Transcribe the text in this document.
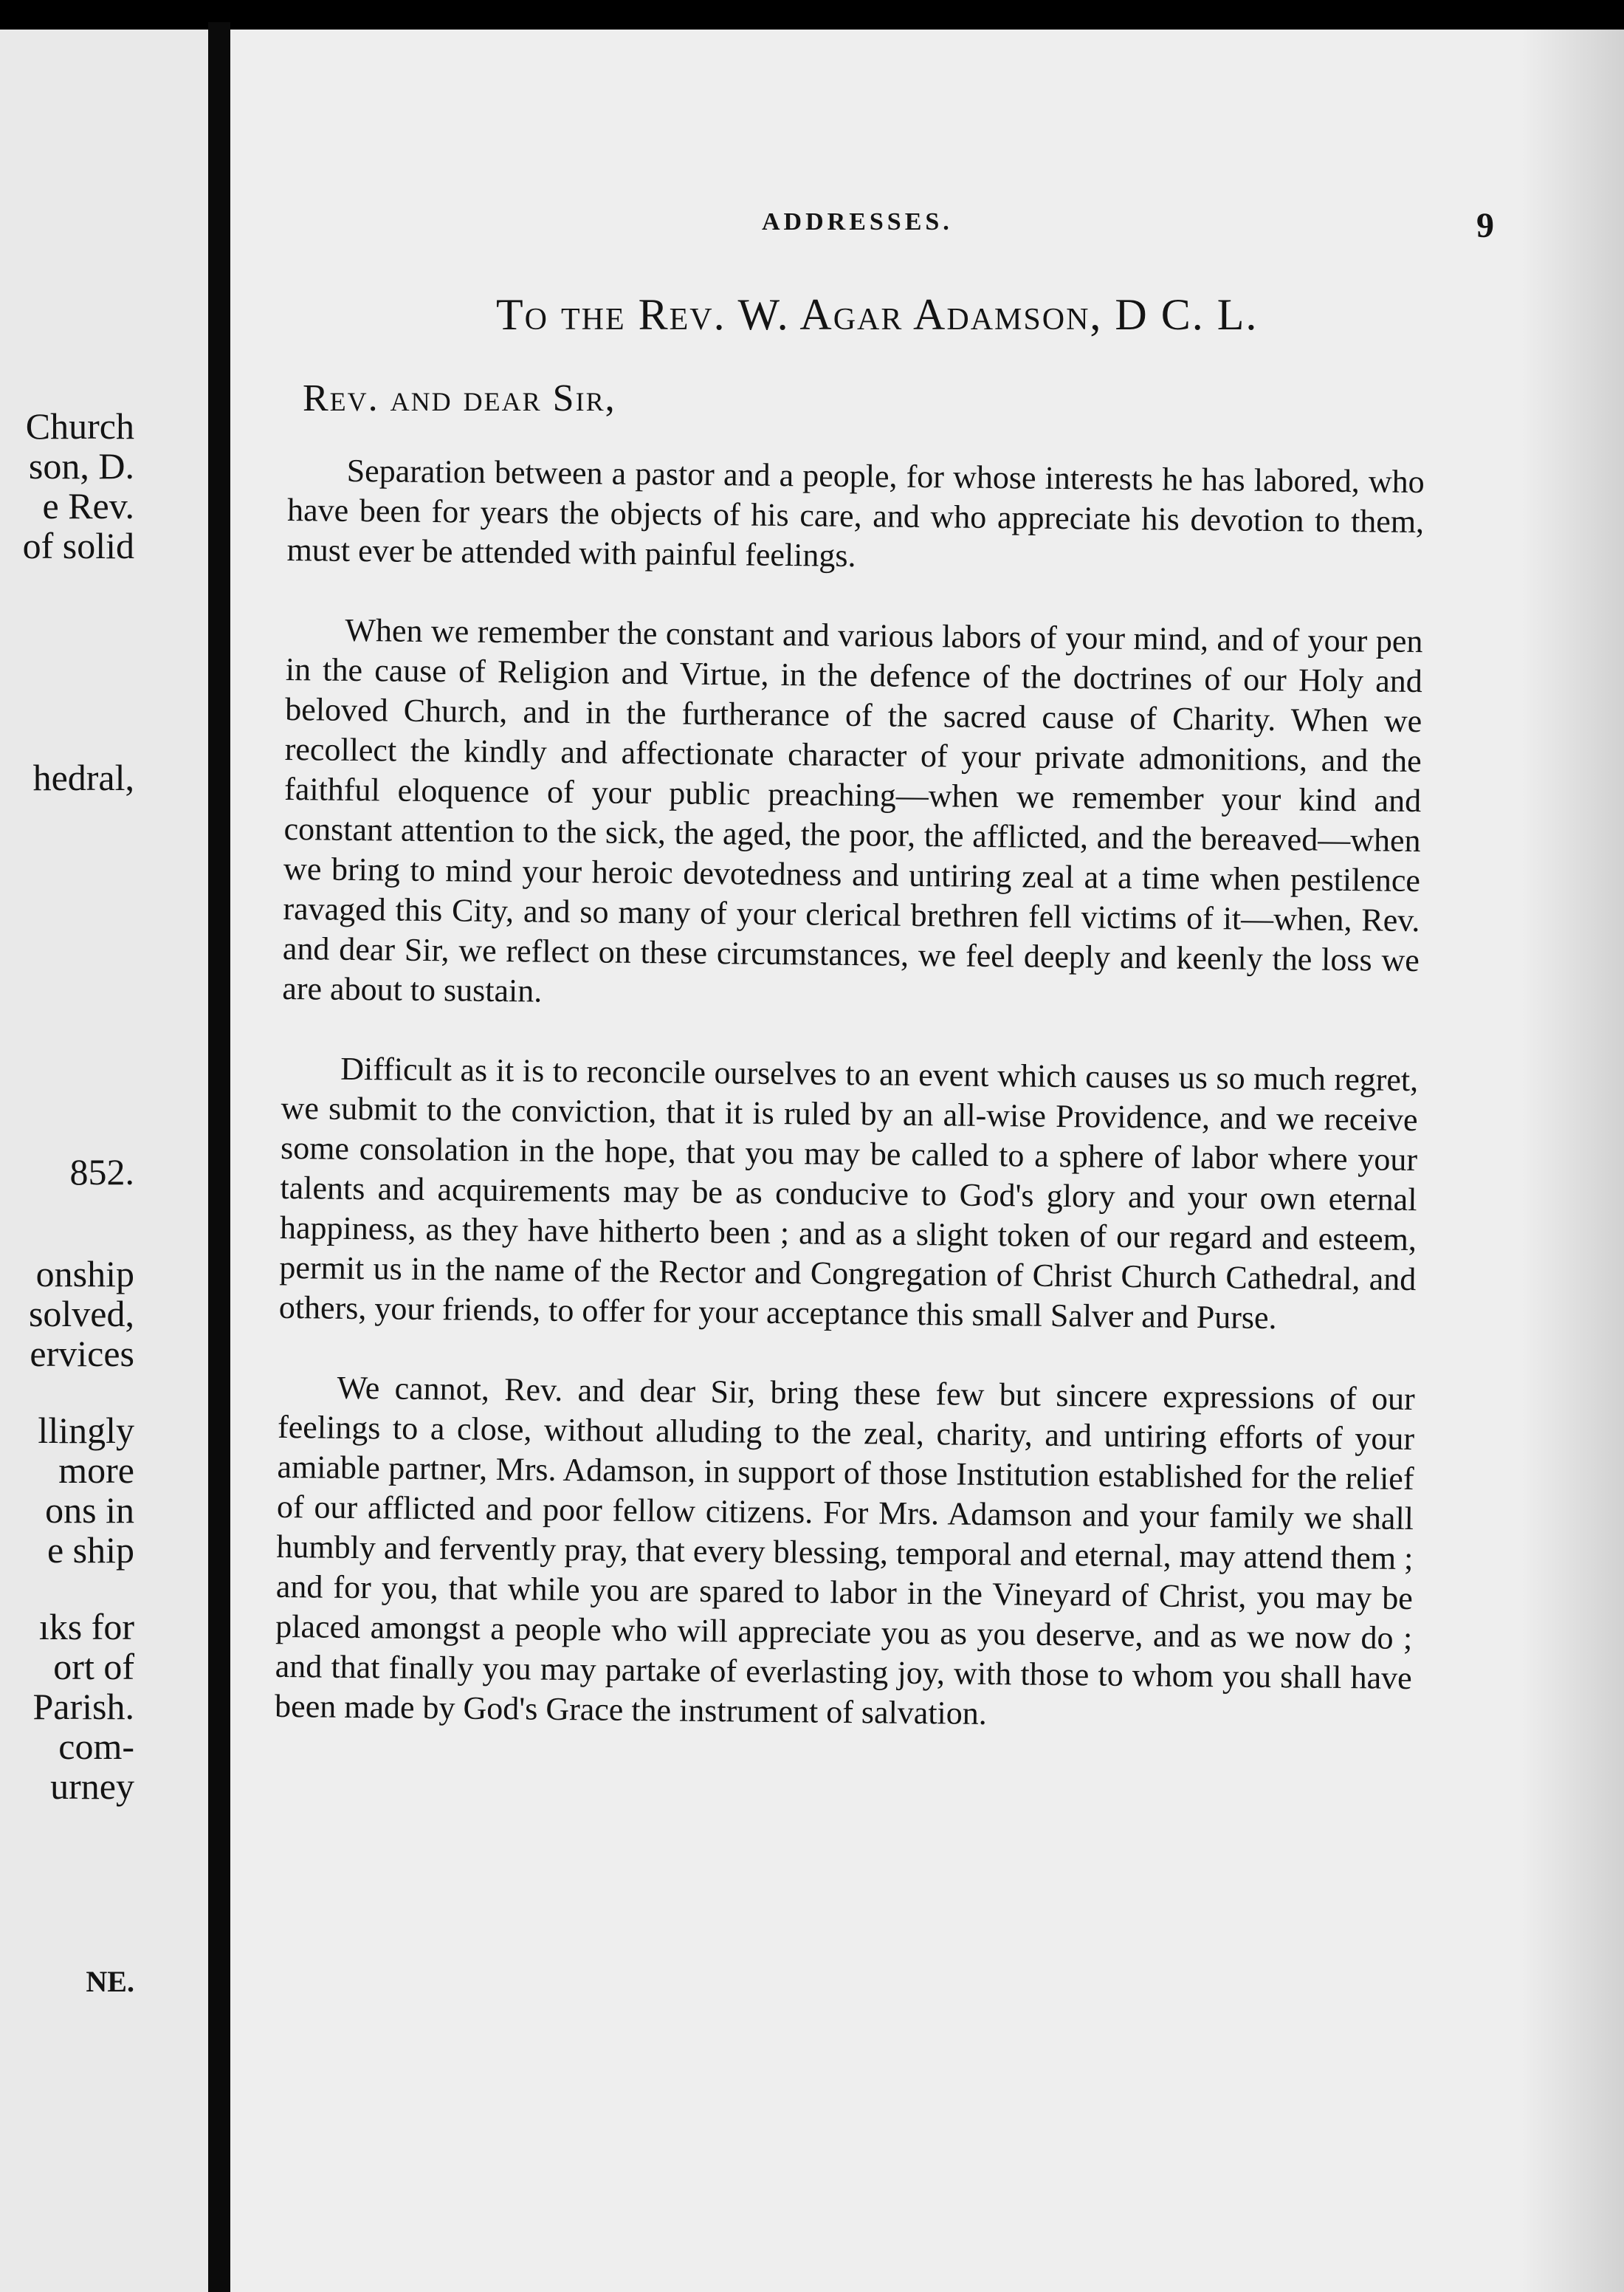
Church
son, D.
e Rev.
of solid
hedral,
852.
onship
solved,
ervices
llingly
more
ons in
e ship
ıks for
ort of
Parish.
com-
urney
NE.
ADDRESSES.	9
To the Rev. W. Agar Adamson, D C. L.
Rev. and dear Sir,

Separation between a pastor and a people, for whose interests he has labored, who have been for years the objects of his care, and who appreciate his devotion to them, must ever be attended with painful feelings.

When we remember the constant and various labors of your mind, and of your pen in the cause of Religion and Virtue, in the defence of the doctrines of our Holy and beloved Church, and in the furtherance of the sacred cause of Charity. When we recollect the kindly and affectionate character of your private admonitions, and the faithful eloquence of your public preaching—when we remember your kind and constant attention to the sick, the aged, the poor, the afflicted, and the bereaved—when we bring to mind your heroic devotedness and untiring zeal at a time when pestilence ravaged this City, and so many of your clerical brethren fell victims of it—when, Rev. and dear Sir, we reflect on these circumstances, we feel deeply and keenly the loss we are about to sustain.

Difficult as it is to reconcile ourselves to an event which causes us so much regret, we submit to the conviction, that it is ruled by an all-wise Providence, and we receive some consolation in the hope, that you may be called to a sphere of labor where your talents and acquirements may be as conducive to God's glory and your own eternal happiness, as they have hitherto been ; and as a slight token of our regard and esteem, permit us in the name of the Rector and Congregation of Christ Church Cathedral, and others, your friends, to offer for your acceptance this small Salver and Purse.

We cannot, Rev. and dear Sir, bring these few but sincere expressions of our feelings to a close, without alluding to the zeal, charity, and untiring efforts of your amiable partner, Mrs. Adamson, in support of those Institution established for the relief of our afflicted and poor fellow citizens. For Mrs. Adamson and your family we shall humbly and fervently pray, that every blessing, temporal and eternal, may attend them ; and for you, that while you are spared to labor in the Vineyard of Christ, you may be placed amongst a people who will appreciate you as you deserve, and as we now do ; and that finally you may partake of everlasting joy, with those to whom you shall have been made by God's Grace the instrument of salvation.
